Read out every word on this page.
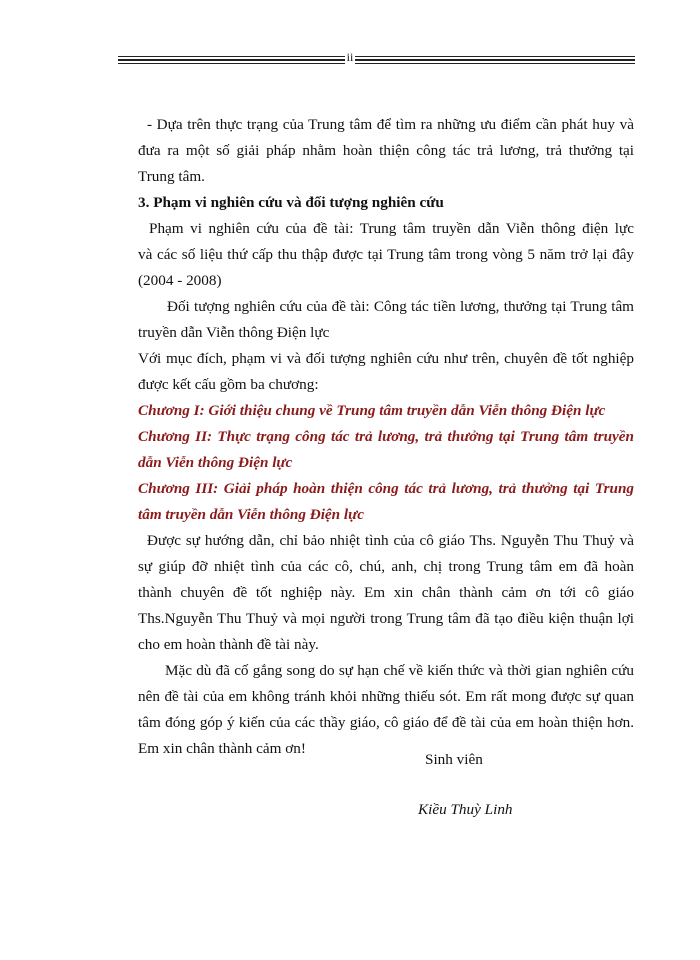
ii

- Dựa trên thực trạng của Trung tâm để tìm ra những ưu điểm cần phát huy và

đưa ra một số giải pháp nhằm hoàn thiện công tác trả lương, trả thưởng tại

Trung tâm.

3. Phạm vi nghiên cứu và đối tượng nghiên cứu

Phạm vi nghiên cứu của đề tài: Trung tâm truyền dẫn Viễn thông điện lực

và các số liệu thứ cấp thu thập được tại Trung tâm trong vòng 5 năm trở lại đây

(2004 - 2008)

Đối tượng nghiên cứu của đề tài: Công tác tiền lương, thưởng tại Trung tâm

truyền dẫn Viễn thông Điện lực

Với mục đích, phạm vi và đối tượng nghiên cứu như trên, chuyên đề tốt nghiệp

được kết cấu gồm ba chương:

Chương I: Giới thiệu chung về Trung tâm truyền dẫn Viễn thông Điện lực

Chương II: Thực trạng công tác trả lương, trả thưởng tại Trung tâm truyền

dẫn Viễn thông Điện lực

Chương III: Giải pháp hoàn thiện công tác trả lương, trả thưởng tại Trung

tâm truyền dẫn Viễn thông Điện lực

Được sự hướng dẫn, chỉ bảo nhiệt tình của cô giáo Ths. Nguyễn Thu Thuỷ và

sự giúp đỡ nhiệt tình của các cô, chú, anh, chị trong Trung tâm em đã hoàn

thành chuyên đề tốt nghiệp này. Em xin chân thành cảm ơn tới cô giáo

Ths.Nguyễn Thu Thuỷ và mọi người trong Trung tâm đã tạo điều kiện thuận lợi

cho em hoàn thành đề tài này.

Mặc dù đã cố gắng song do sự hạn chế về kiến thức và thời gian nghiên cứu

nên đề tài của em không tránh khỏi những thiếu sót. Em rất mong được sự quan

tâm đóng góp ý kiến của các thầy giáo, cô giáo để đề tài của em hoàn thiện hơn.

Em xin chân thành cảm ơn!

Sinh viên
Kiều Thuỳ Linh
